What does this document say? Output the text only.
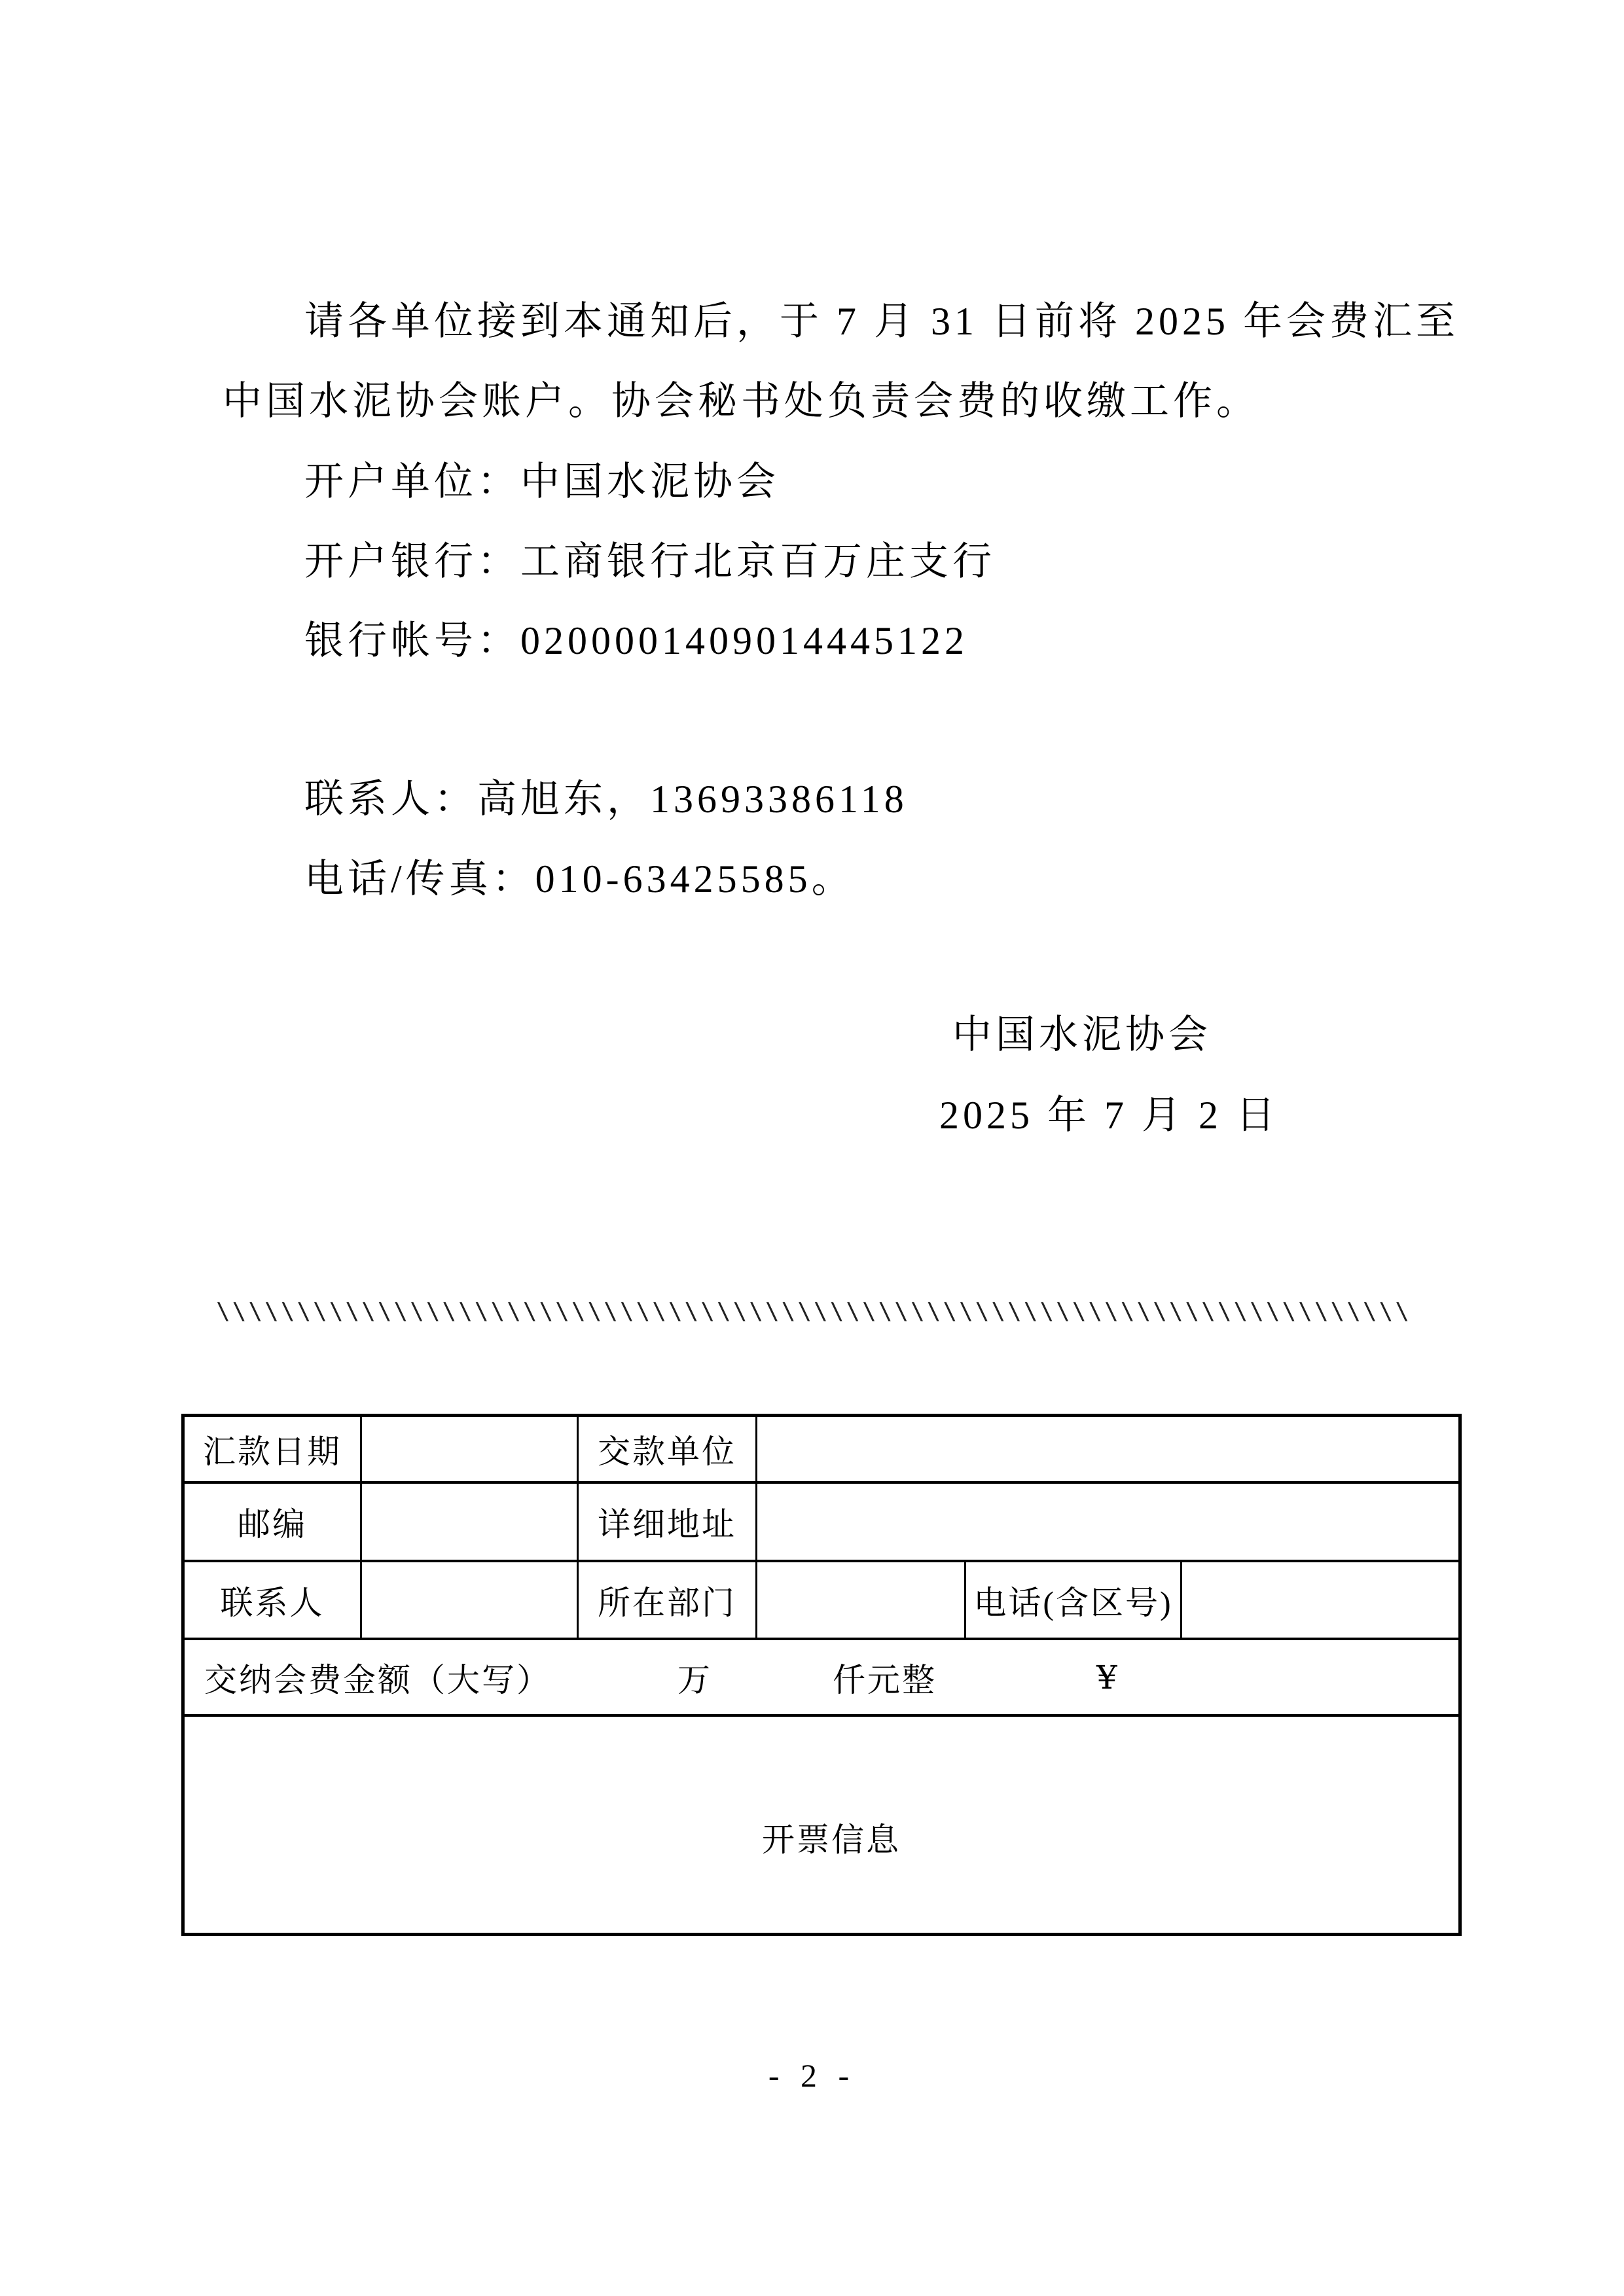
请各单位接到本通知后，于 7 月 31 日前将 2025 年会费汇至
中国水泥协会账户。协会秘书处负责会费的收缴工作。
开户单位：中国水泥协会
开户银行：工商银行北京百万庄支行
银行帐号：0200001409014445122
联系人：高旭东，13693386118
电话/传真：010-63425585。
中国水泥协会
2025 年 7 月 2 日
\\\\\\\\\\\\\\\\\\\\\\\\\\\\\\\\\\\\\\\\\\\\\\\\\\\\\\\\\\\\\\\\\\\\\\\\\\
汇款日期		交款单位			
邮编		详细地址			
联系人		所在部门		电话(含区号)	

交纳会费金额（大写） 万 仟元整 ¥					

开票信息					
- 2 -
